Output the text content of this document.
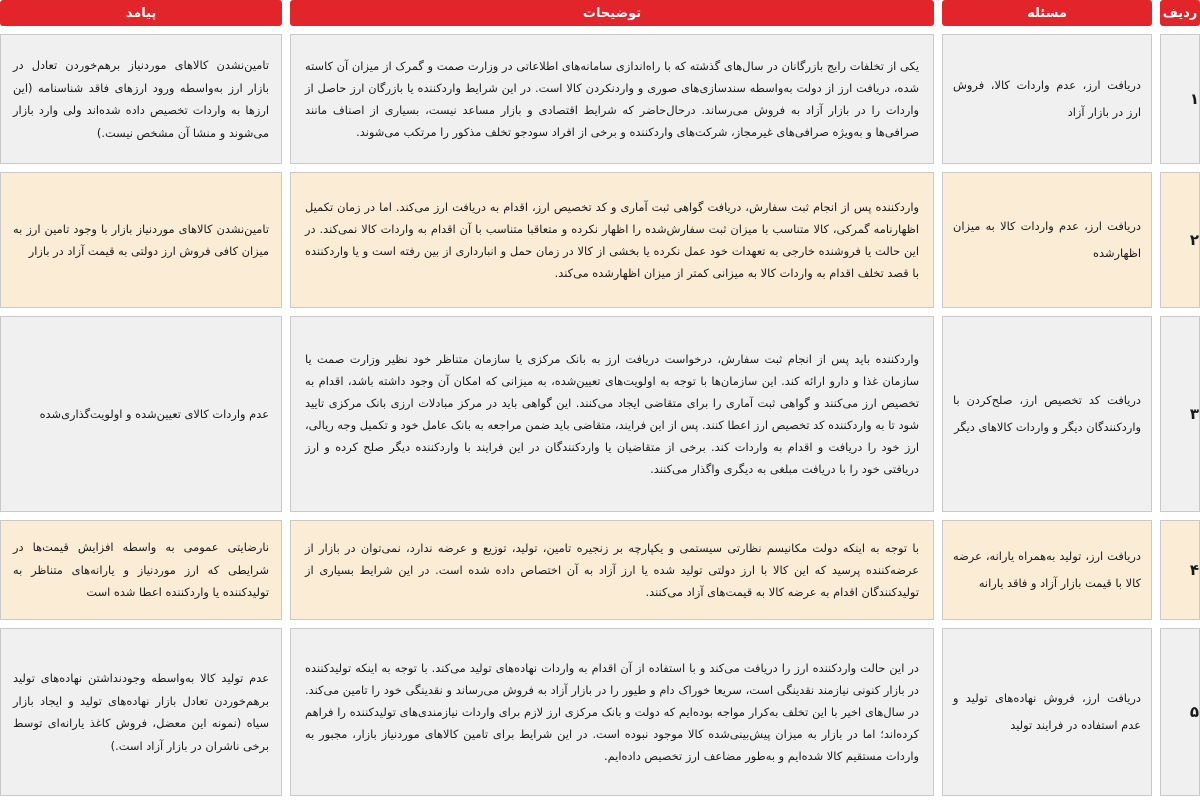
ردیف
مسئله
توضیحات
پیامد
۱
دریافت ارز، عدم واردات کالا، فروش ارز در بازار آزاد
یکی از تخلفات رایج بازرگانان در سال‌های گذشته که با راه‌اندازی سامانه‌های اطلاعاتی در وزارت صمت و گمرک از میزان آن کاسته شده، دریافت ارز از دولت به‌واسطه سندسازی‌های صوری و واردنکردن کالا است. در این شرایط واردکننده یا بازرگان ارز حاصل از واردات را در بازار آزاد به فروش می‌رساند. درحال‌حاضر که شرایط اقتصادی و بازار مساعد نیست، بسیاری از اصناف مانند صرافی‌ها و به‌ویژه صرافی‌های غیرمجاز، شرکت‌های واردکننده و برخی از افراد سودجو تخلف مذکور را مرتکب می‌شوند.
تامین‌نشدن کالاهای موردنیاز برهم‌خوردن تعادل در بازار ارز به‌واسطه ورود ارزهای فاقد شناسنامه (این ارزها به واردات تخصیص داده شده‌اند ولی وارد بازار می‌شوند و منشا آن مشخص نیست.)
۲
دریافت ارز، عدم واردات کالا به میزان اظهارشده
واردکننده پس از انجام ثبت سفارش، دریافت گواهی ثبت آماری و کد تخصیص ارز، اقدام به دریافت ارز می‌کند. اما در زمان تکمیل اظهارنامه گمرکی، کالا متناسب با میزان ثبت سفارش‌شده را اظهار نکرده و متعاقبا متناسب با آن اقدام به واردات کالا نمی‌کند. در این حالت یا فروشنده خارجی به تعهدات خود عمل نکرده یا بخشی از کالا در زمان حمل و انبارداری از بین رفته است و یا واردکننده با قصد تخلف اقدام به واردات کالا به میزانی کمتر از میزان اظهارشده می‌کند.
تامین‌نشدن کالاهای موردنیاز بازار با وجود تامین ارز به میزان کافی فروش ارز دولتی به قیمت آزاد در بازار
۳
دریافت کد تخصیص ارز، صلح‌کردن با واردکنندگان دیگر و واردات کالاهای دیگر
واردکننده باید پس از انجام ثبت سفارش، درخواست دریافت ارز به بانک مرکزی یا سازمان متناظر خود نظیر وزارت صمت یا سازمان غذا و دارو ارائه کند. این سازمان‌ها با توجه به اولویت‌های تعیین‌شده، به میزانی که امکان آن وجود داشته باشد، اقدام به تخصیص ارز می‌کنند و گواهی ثبت آماری را برای متقاضی ایجاد می‌کنند. این گواهی باید در مرکز مبادلات ارزی بانک مرکزی تایید شود تا به واردکننده کد تخصیص ارز اعطا کنند. پس از این فرایند، متقاضی باید ضمن مراجعه به بانک عامل خود و تکمیل وجه ریالی، ارز خود را دریافت و اقدام به واردات کند. برخی از متقاضیان یا واردکنندگان در این فرایند با واردکننده دیگر صلح کرده و ارز دریافتی خود را با دریافت مبلغی به دیگری واگذار می‌کنند.
عدم واردات کالای تعیین‌شده و اولویت‌گذاری‌شده
۴
دریافت ارز، تولید به‌همراه یارانه، عرضه کالا با قیمت بازار آزاد و فاقد یارانه
با توجه به اینکه دولت مکانیسم نظارتی سیستمی و یکپارچه بر زنجیره تامین، تولید، توزیع و عرضه ندارد، نمی‌توان در بازار از عرضه‌کننده پرسید که این کالا با ارز دولتی تولید شده یا ارز آزاد به آن اختصاص داده شده است. در این شرایط بسیاری از تولیدکنندگان اقدام به عرضه کالا به قیمت‌های آزاد می‌کنند.
نارضایتی عمومی به واسطه افزایش قیمت‌ها در شرایطی که ارز موردنیاز و یارانه‌های متناظر به تولیدکننده یا واردکننده اعطا شده است
۵
دریافت ارز، فروش نهاده‌های تولید و عدم استفاده در فرایند تولید
در این حالت واردکننده ارز را دریافت می‌کند و با استفاده از آن اقدام به واردات نهاده‌های تولید می‌کند. با توجه به اینکه تولیدکننده در بازار کنونی نیازمند نقدینگی است، سریعا خوراک دام و طیور را در بازار آزاد به فروش می‌رساند و نقدینگی خود را تامین می‌کند. در سال‌های اخیر با این تخلف به‌کرار مواجه بوده‌ایم که دولت و بانک مرکزی ارز لازم برای واردات نیازمندی‌های تولیدکننده را فراهم کرده‌اند؛ اما در بازار به میزان پیش‌بینی‌شده کالا موجود نبوده است. در این شرایط برای تامین کالاهای موردنیاز بازار، مجبور به واردات مستقیم کالا شده‌ایم و به‌طور مضاعف ارز تخصیص داده‌ایم.
عدم تولید کالا به‌واسطه وجودنداشتن نهاده‌های تولید برهم‌خوردن تعادل بازار نهاده‌های تولید و ایجاد بازار سیاه (نمونه این معضل، فروش کاغذ یارانه‌ای توسط برخی ناشران در بازار آزاد است.)
